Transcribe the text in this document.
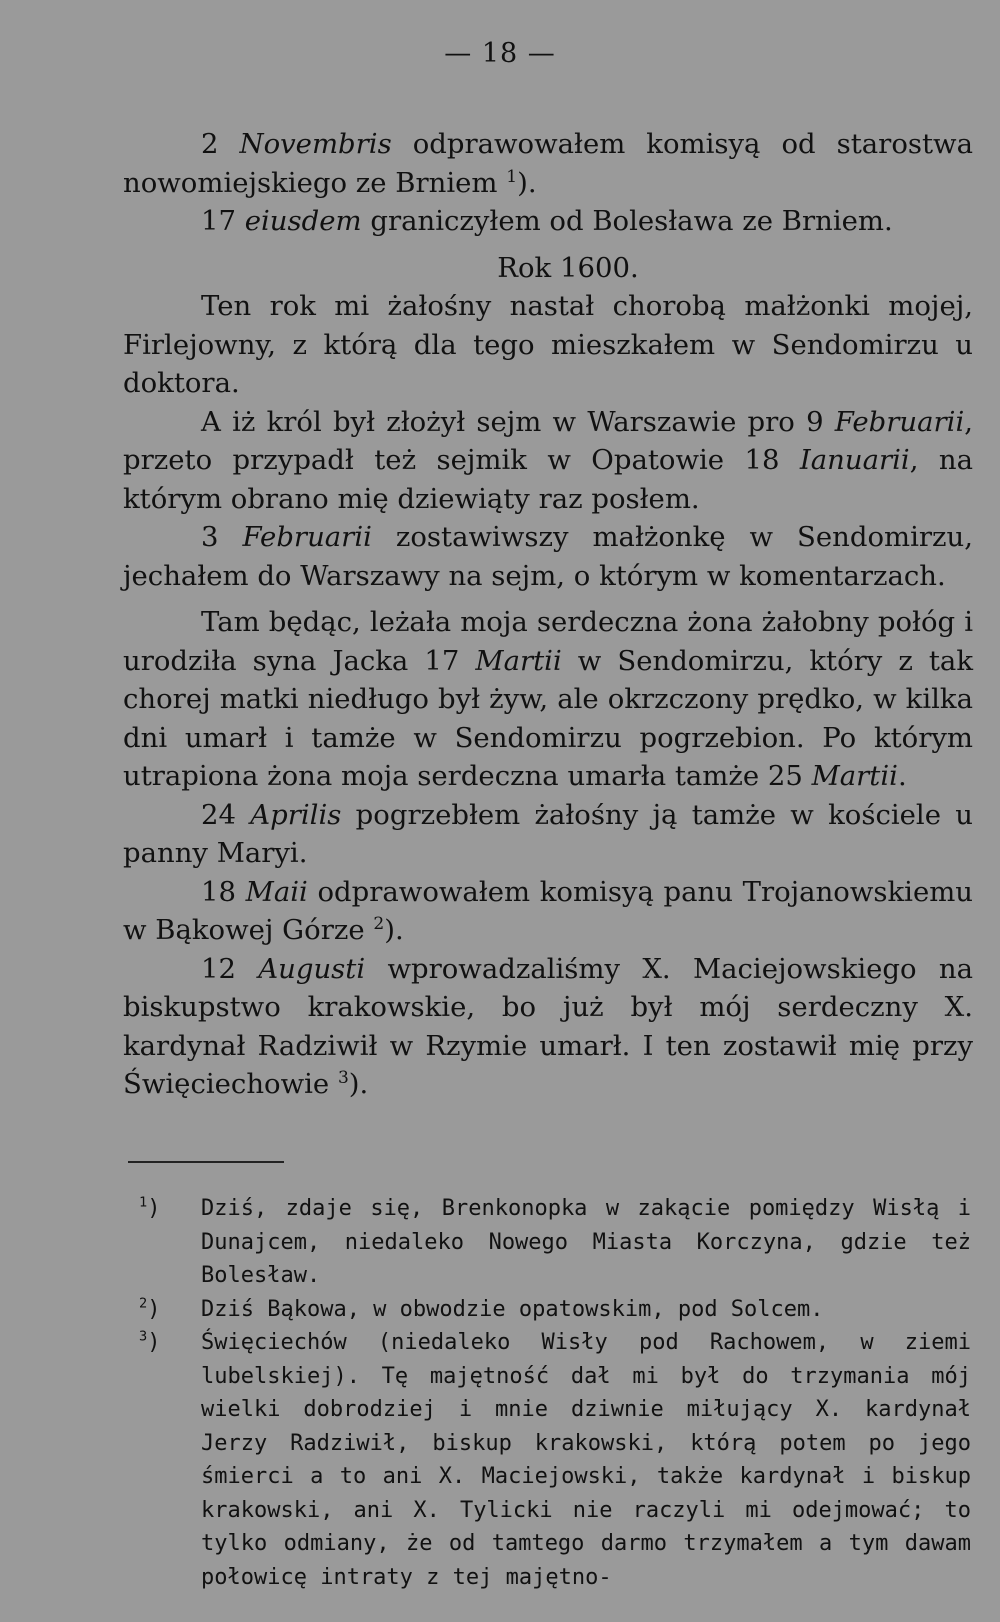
— 18 —

2 Novembris odprawowałem komisyą od starostwa nowomiejskiego ze Brniem $^1$).

17 eiusdem graniczyłem od Bolesława ze Brniem.

Rok 1600.

Ten rok mi żałośny nastał chorobą małżonki mojej, Firlejowny, z którą dla tego mieszkałem w Sendomirzu u doktora.

A iż król był złożył sejm w Warszawie pro 9 Februarii, przeto przypadł też sejmik w Opatowie 18 Ianuarii, na którym obrano mię dziewiąty raz posłem.

3 Februarii zostawiwszy małżonkę w Sendomirzu, jechałem do Warszawy na sejm, o którym w komentarzach.

Tam będąc, leżała moja serdeczna żona żałobny połóg i urodziła syna Jacka 17 Martii w Sendomirzu, który z tak chorej matki niedługo był żyw, ale okrzczony prędko, w kilka dni umarł i tamże w Sendomirzu pogrzebion. Po którym utrapiona żona moja serdeczna umarła tamże 25 Martii.

24 Aprilis pogrzebłem żałośny ją tamże w kościele u panny Maryi.

18 Maii odprawowałem komisyą panu Trojanowskiemu w Bąkowej Górze $^2$).

12 Augusti wprowadzaliśmy X. Maciejowskiego na biskupstwo krakowskie, bo już był mój serdeczny X. kardynał Radziwił w Rzymie umarł. I ten zostawił mię przy Święciechowie $^3$).

$^1$) Dziś, zdaje się, Brenkonopka w zakącie pomiędzy Wisłą i Dunajcem, niedaleko Nowego Miasta Korczyna, gdzie też Bolesław.
$^2$) Dziś Bąkowa, w obwodzie opatowskim, pod Solcem.
$^3$) Święciechów (niedaleko Wisły pod Rachowem, w ziemi lubelskiej). Tę majętność dał mi był do trzymania mój wielki dobrodziej i mnie dziwnie miłujący X. kardynał Jerzy Radziwił, biskup krakowski, którą potem po jego śmierci a to ani X. Maciejowski, także kardynał i biskup krakowski, ani X. Tylicki nie raczyli mi odejmować; to tylko odmiany, że od tamtego darmo trzymałem a tym dawam połowicę intraty z tej majętno-
